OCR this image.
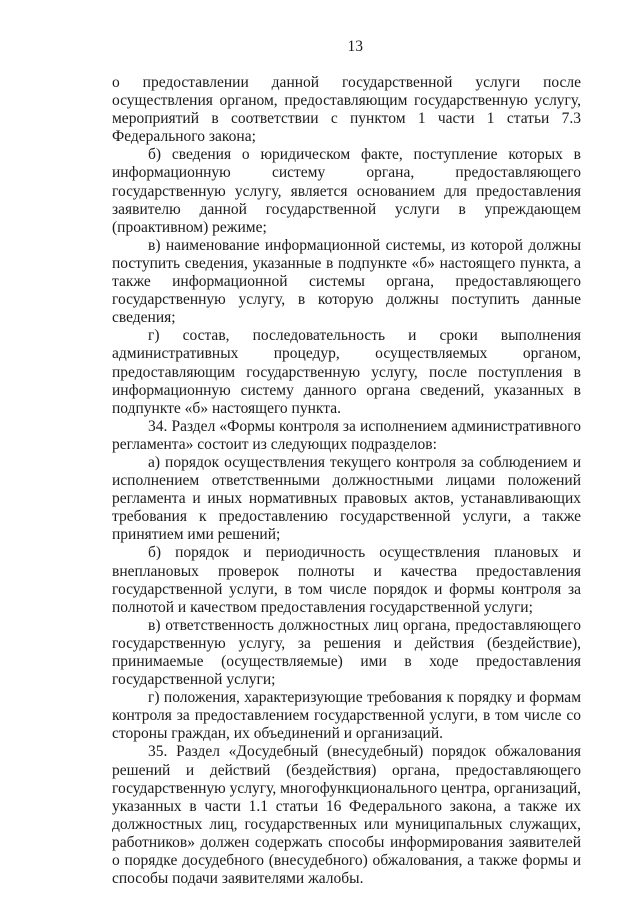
13

о предоставлении данной государственной услуги после осуществления органом, предоставляющим государственную услугу, мероприятий в соответствии с пунктом 1 части 1 статьи 7.3 Федерального закона;

б) сведения о юридическом факте, поступление которых в информационную систему органа, предоставляющего государственную услугу, является основанием для предоставления заявителю данной государственной услуги в упреждающем (проактивном) режиме;

в) наименование информационной системы, из которой должны поступить сведения, указанные в подпункте «б» настоящего пункта, а также информационной системы органа, предоставляющего государственную услугу, в которую должны поступить данные сведения;

г) состав, последовательность и сроки выполнения административных процедур, осуществляемых органом, предоставляющим государственную услугу, после поступления в информационную систему данного органа сведений, указанных в подпункте «б» настоящего пункта.

34. Раздел «Формы контроля за исполнением административного регламента» состоит из следующих подразделов:

а) порядок осуществления текущего контроля за соблюдением и исполнением ответственными должностными лицами положений регламента и иных нормативных правовых актов, устанавливающих требования к предоставлению государственной услуги, а также принятием ими решений;

б) порядок и периодичность осуществления плановых и внеплановых проверок полноты и качества предоставления государственной услуги, в том числе порядок и формы контроля за полнотой и качеством предоставления государственной услуги;

в) ответственность должностных лиц органа, предоставляющего государственную услугу, за решения и действия (бездействие), принимаемые (осуществляемые) ими в ходе предоставления государственной услуги;

г) положения, характеризующие требования к порядку и формам контроля за предоставлением государственной услуги, в том числе со стороны граждан, их объединений и организаций.

35. Раздел «Досудебный (внесудебный) порядок обжалования решений и действий (бездействия) органа, предоставляющего государственную услугу, многофункционального центра, организаций, указанных в части 1.1 статьи 16 Федерального закона, а также их должностных лиц, государственных или муниципальных служащих, работников» должен содержать способы информирования заявителей о порядке досудебного (внесудебного) обжалования, а также формы и способы подачи заявителями жалобы.
